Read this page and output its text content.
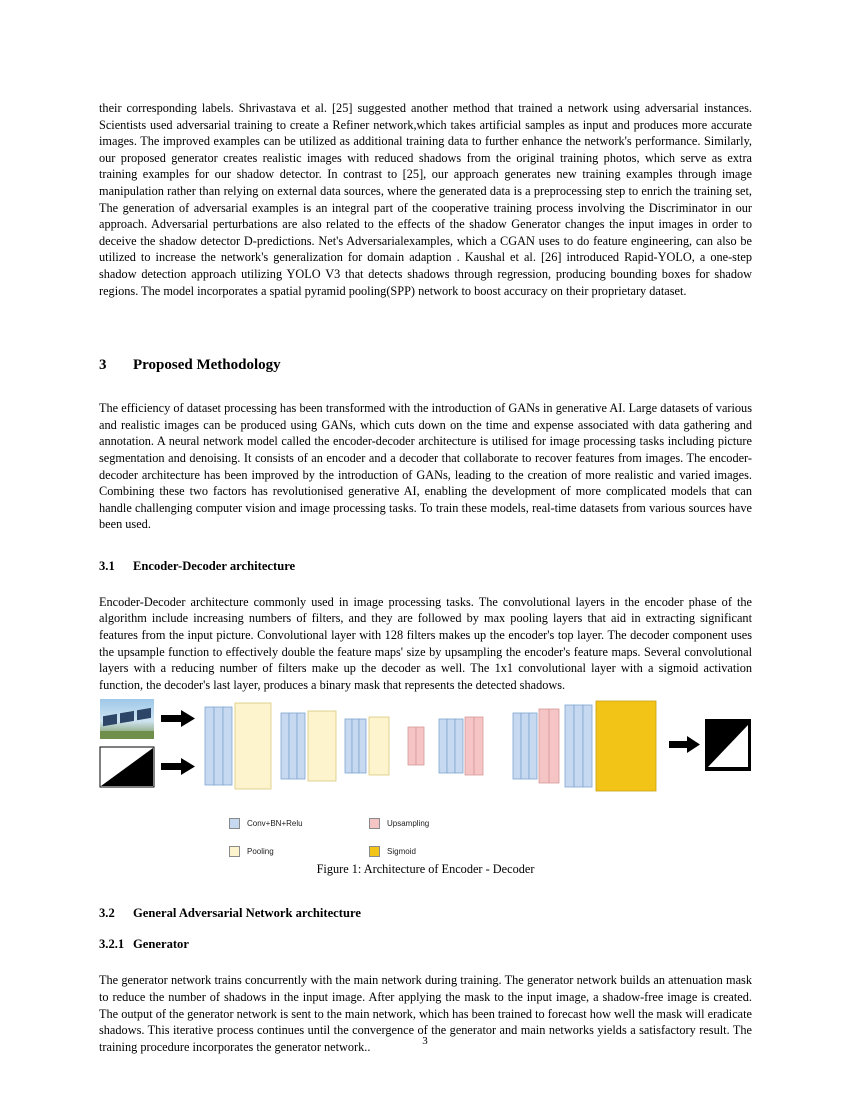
their corresponding labels. Shrivastava et al. [25] suggested another method that trained a network using adversarial instances. Scientists used adversarial training to create a Refiner network,which takes artificial samples as input and produces more accurate images. The improved examples can be utilized as additional training data to further enhance the network's performance. Similarly, our proposed generator creates realistic images with reduced shadows from the original training photos, which serve as extra training examples for our shadow detector. In contrast to [25], our approach generates new training examples through image manipulation rather than relying on external data sources, where the generated data is a preprocessing step to enrich the training set, The generation of adversarial examples is an integral part of the cooperative training process involving the Discriminator in our approach. Adversarial perturbations are also related to the effects of the shadow Generator changes the input images in order to deceive the shadow detector D-predictions. Net's Adversarialexamples, which a CGAN uses to do feature engineering, can also be utilized to increase the network's generalization for domain adaption . Kaushal et al. [26] introduced Rapid-YOLO, a one-step shadow detection approach utilizing YOLO V3 that detects shadows through regression, producing bounding boxes for shadow regions. The model incorporates a spatial pyramid pooling(SPP) network to boost accuracy on their proprietary dataset.

3	Proposed Methodology

The efficiency of dataset processing has been transformed with the introduction of GANs in generative AI. Large datasets of various and realistic images can be produced using GANs, which cuts down on the time and expense associated with data gathering and annotation. A neural network model called the encoder-decoder architecture is utilised for image processing tasks including picture segmentation and denoising. It consists of an encoder and a decoder that collaborate to recover features from images. The encoder-decoder architecture has been improved by the introduction of GANs, leading to the creation of more realistic and varied images. Combining these two factors has revolutionised generative AI, enabling the development of more complicated models that can handle challenging computer vision and image processing tasks. To train these models, real-time datasets from various sources have been used.

3.1	Encoder-Decoder architecture

Encoder-Decoder architecture commonly used in image processing tasks. The convolutional layers in the encoder phase of the algorithm include increasing numbers of filters, and they are followed by max pooling layers that aid in extracting significant features from the input picture. Convolutional layer with 128 filters makes up the encoder's top layer. The decoder component uses the upsample function to effectively double the feature maps' size by upsampling the encoder's feature maps. Several convolutional layers with a reducing number of filters make up the decoder as well. The 1x1 convolutional layer with a sigmoid activation function, the decoder's last layer, produces a binary mask that represents the detected shadows.

Conv+BN+Relu	Upsampling
Pooling	Sigmoid
Figure 1: Architecture of Encoder - Decoder
3.2	General Adversarial Network architecture
3.2.1 Generator

The generator network trains concurrently with the main network during training. The generator network builds an attenuation mask to reduce the number of shadows in the input image. After applying the mask to the input image, a shadow-free image is created. The output of the generator network is sent to the main network, which has been trained to forecast how well the mask will eradicate shadows. This iterative process continues until the convergence of the generator and main networks yields a satisfactory result. The training procedure incorporates the generator network..	3
